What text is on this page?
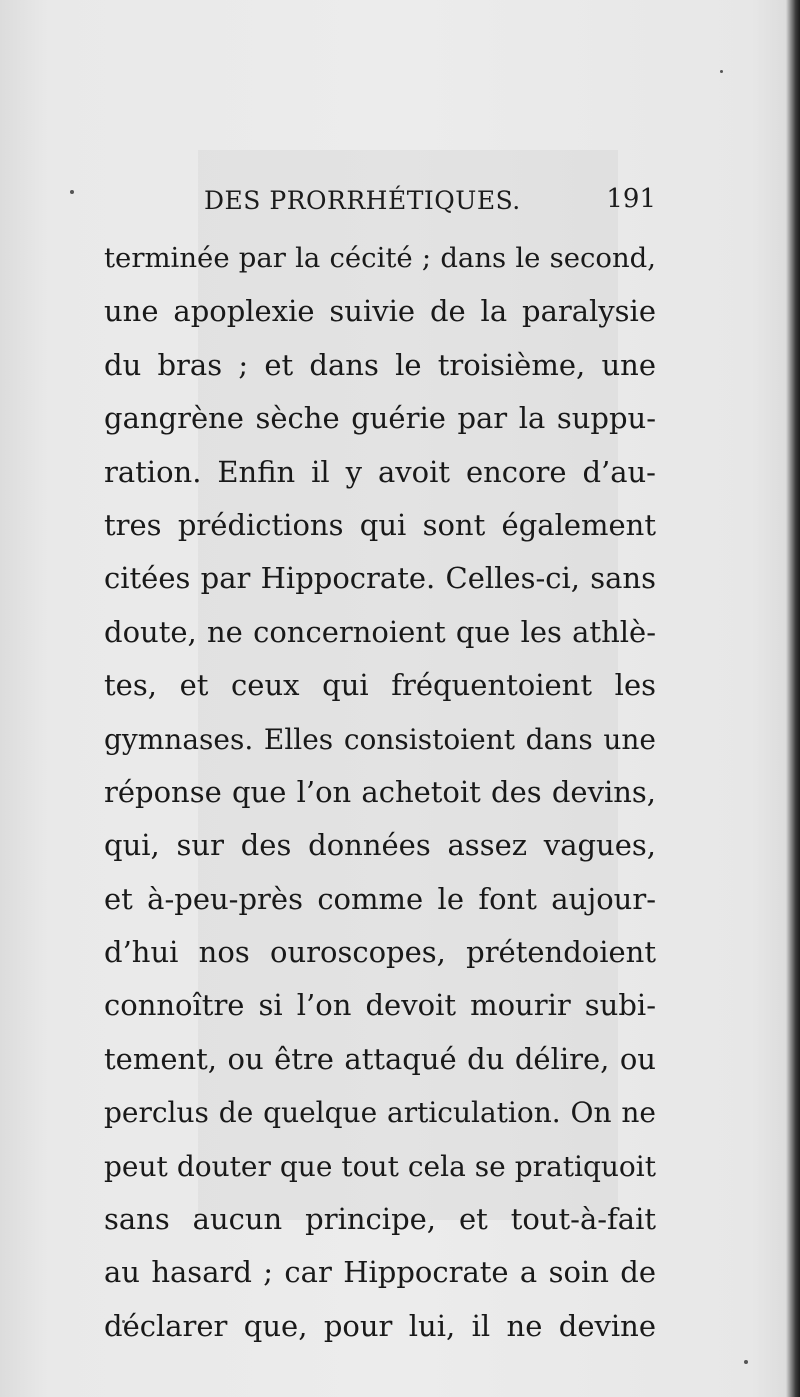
DES PRORRHÉTIQUES.	191
terminée par la cécité ; dans le second,
une apoplexie suivie de la paralysie
du bras ; et dans le troisième, une
gangrène sèche guérie par la suppu-
ration. Enfin il y avoit encore d’au-
tres prédictions qui sont également
citées par Hippocrate. Celles-ci, sans
doute, ne concernoient que les athlè-
tes, et ceux qui fréquentoient les
gymnases. Elles consistoient dans une
réponse que l’on achetoit des devins,
qui, sur des données assez vagues,
et à-peu-près comme le font aujour-
d’hui nos ouroscopes, prétendoient
connoître si l’on devoit mourir subi-
tement, ou être attaqué du délire, ou
perclus de quelque articulation. On ne
peut douter que tout cela se pratiquoit
sans aucun principe, et tout-à-fait
au hasard ; car Hippocrate a soin de
déclarer que, pour lui, il ne devine
